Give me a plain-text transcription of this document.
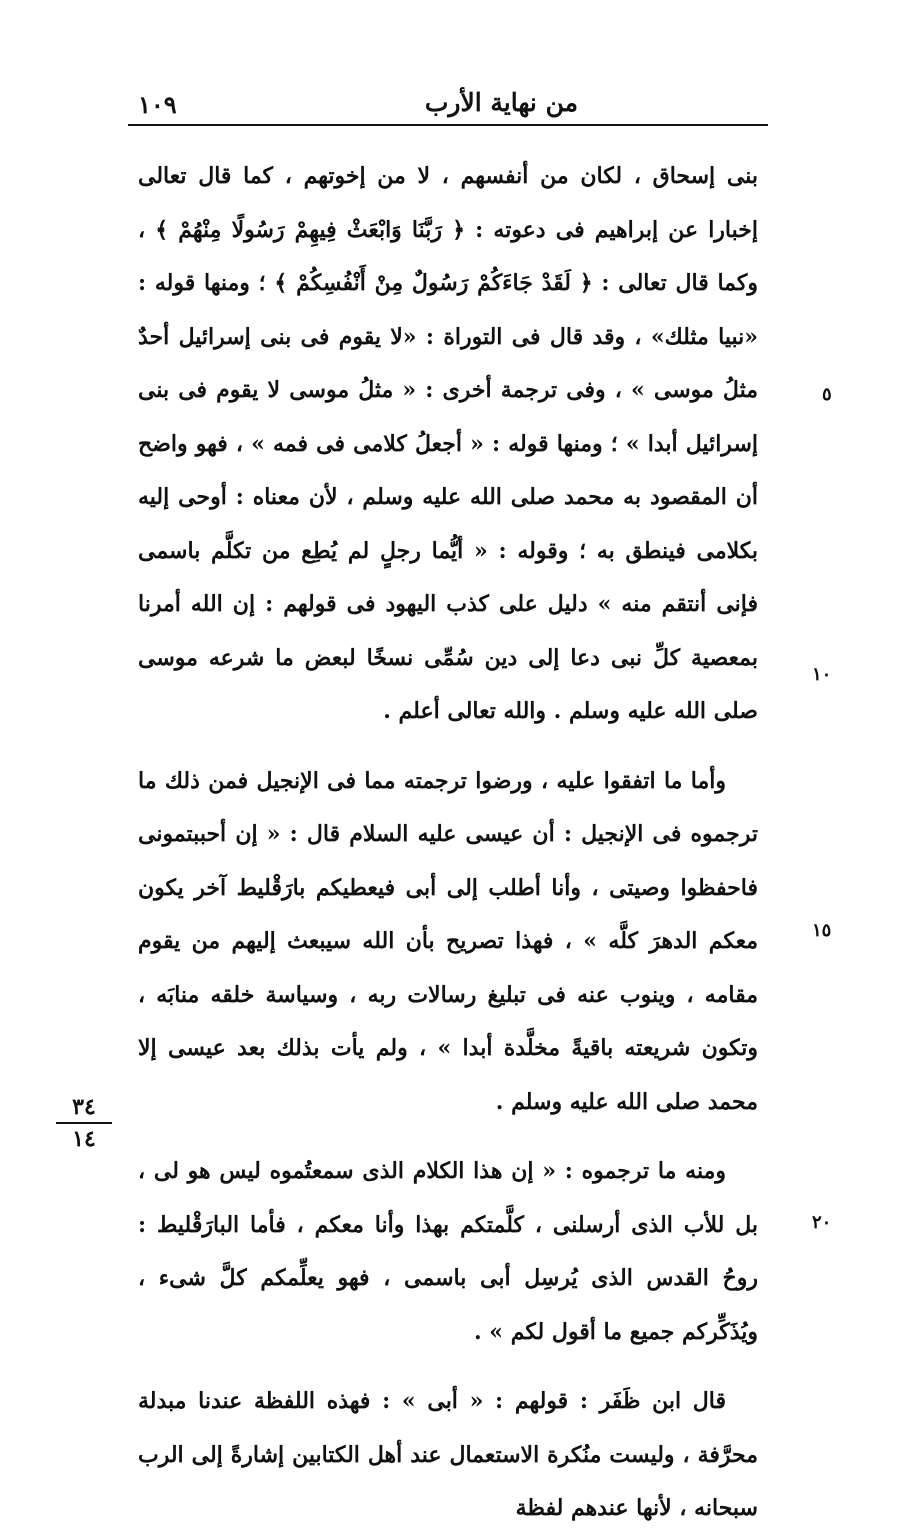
من نهاية الأرب
١٠٩

بنى إسحاق ، لكان من أنفسهم ، لا من إخوتهم ، كما قال تعالى إخبارا عن إبراهيم فى دعوته : ﴿ رَبَّنَا وَابْعَثْ فِيهِمْ رَسُولًا مِنْهُمْ ﴾ ، وكما قال تعالى : ﴿ لَقَدْ جَاءَكُمْ رَسُولٌ مِنْ أَنْفُسِكُمْ ﴾ ؛ ومنها قوله : «نبيا مثلك» ، وقد قال فى التوراة : «لا يقوم فى بنى إسرائيل أحدٌ مثلُ موسى » ، وفى ترجمة أخرى : « مثلُ موسى لا يقوم فى بنى إسرائيل أبدا » ؛ ومنها قوله : « أجعلُ كلامى فى فمه » ، فهو واضح أن المقصود به محمد صلى الله عليه وسلم ، لأن معناه : أوحى إليه بكلامى فينطق به ؛ وقوله : « أيُّما رجلٍ لم يُطِع من تكلَّم باسمى فإنى أنتقم منه » دليل على كذب اليهود فى قولهم : إن الله أمرنا بمعصية كلِّ نبى دعا إلى دين سُمِّى نسخًا لبعض ما شرعه موسى صلى الله عليه وسلم . والله تعالى أعلم .

وأما ما اتفقوا عليه ، ورضوا ترجمته مما فى الإنجيل فمن ذلك ما ترجموه فى الإنجيل : أن عيسى عليه السلام قال : « إن أحببتمونى فاحفظوا وصيتى ، وأنا أطلب إلى أبى فيعطيكم بارَقْليط آخر يكون معكم الدهرَ كلَّه » ، فهذا تصريح بأن الله سيبعث إليهم من يقوم مقامه ، وينوب عنه فى تبليغ رسالات ربه ، وسياسة خلقه منابَه ، وتكون شريعته باقيةً مخلَّدة أبدا » ، ولم يأت بذلك بعد عيسى إلا محمد صلى الله عليه وسلم .

ومنه ما ترجموه : « إن هذا الكلام الذى سمعتُموه ليس هو لى ، بل للأب الذى أرسلنى ، كلَّمتكم بهذا وأنا معكم ، فأما البارَقْليط : روحُ القدس الذى يُرسِل أبى باسمى ، فهو يعلِّمكم كلَّ شىء ، ويُذَكِّركم جميع ما أقول لكم » .

قال ابن ظَفَر : قولهم : « أبى » : فهذه اللفظة عندنا مبدلة محرَّفة ، وليست منُكرة الاستعمال عند أهل الكتابين إشارةً إلى الرب سبحانه ، لأنها عندهم لفظة

٥
١٠
١٥
٢٠
٣٤
١٤
